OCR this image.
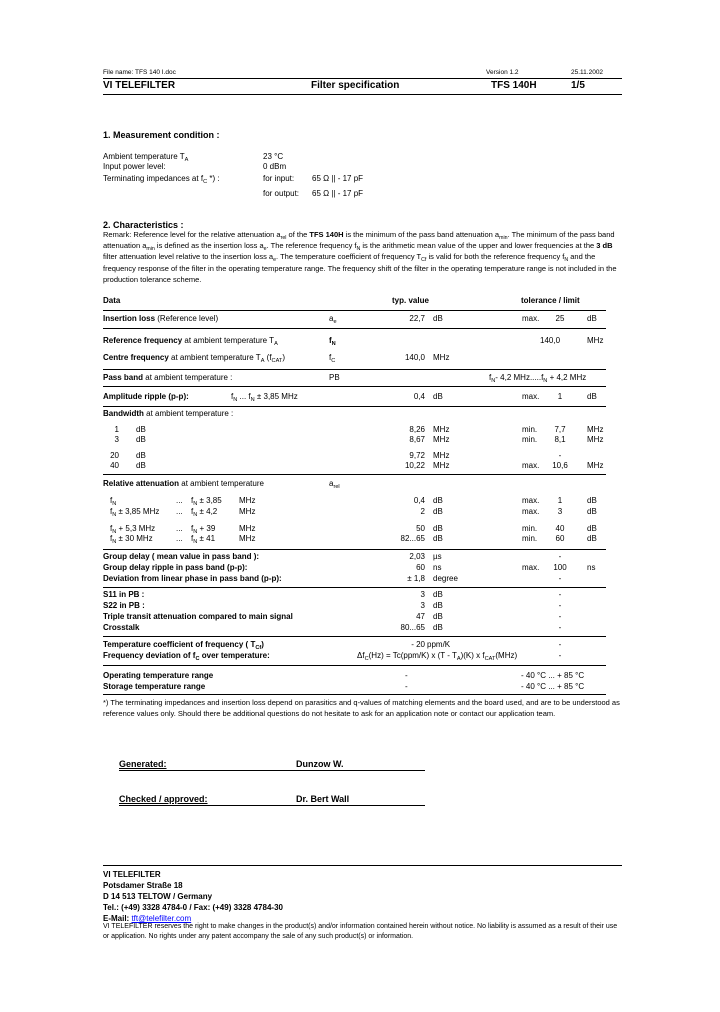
File name: TFS 140 I.doc	Version 1.2	25.11.2002
VI TELEFILTER	Filter specification	TFS 140H	1/5
1. Measurement condition :
Ambient temperature $T_A$	23 °C
Input power level:	0 dBm
Terminating impedances at $f_C$ *) :	for input: 65 Ω || - 17 pF
for output: 65 Ω || - 17 pF
2. Characteristics :
Remark: Reference level for the relative attenuation $a_{rel}$ of the TFS 140H is the minimum of the pass band attenuation $a_{min}$. The minimum of the pass band attenuation $a_{min}$ is defined as the insertion loss $a_e$. The reference frequency $f_N$ is the arithmetic mean value of the upper and lower frequencies at the 3 dB filter attenuation level relative to the insertion loss $a_e$. The temperature coefficient of frequency $T_{Cf}$ is valid for both the reference frequency $f_N$ and the frequency response of the filter in the operating temperature range. The frequency shift of the filter in the operating temperature range is not included in the production tolerance scheme.
Data	typ. value	tolerance / limit
Insertion loss (Reference level)	$a_e$	22,7 dB	max.	25	dB
Reference frequency at ambient temperature $T_A$	$f_N$	140,0	MHz
Centre frequency at ambient temperature $T_A$ $(f_{CAT})$	$f_C$	140,0 MHz
Pass band at ambient temperature :	PB	$f_N-$ 4,2 $MHz.....f_N + 4,2$ MHz
Amplitude ripple (p-p):	$f_N$ ... $f_N \pm 3,85$ MHz	0,4 dB	max.	1	dB
Bandwidth at ambient temperature :
1 dB	8,26 MHz	min.	7,7	MHz
3 dB	8,67 MHz	min.	8,1	MHz
20 dB	9,72 MHz	-
40 dB	10,22 MHz	max.	10,6	MHz
Relative attenuation at ambient temperature	$a_{rel}$
$f_N$	... $f_N \pm 3,85$ MHz	0,4 dB	max.	1	dB
$f_N \pm 3,85$ MHz ... $f_N \pm 4,2$	MHz	2 dB	max.	3	dB
$f_N + 5,3$ MHz	... $f_N + 39$	MHz	50 dB	min.	40	dB
$f_N \pm 30$ MHz	... $f_N \pm 41$	MHz	82...65 dB	min.	60	dB
Group delay ( mean value in pass band ):	2,03 µs	-
Group delay ripple in pass band (p-p):	60 ns	max.	100	ns
Deviation from linear phase in pass band (p-p):	± 1,8 degree	-
S11 in PB :	3 dB	-
S22 in PB :	3 dB	-
Triple transit attenuation compared to main signal	47 dB	-
Crosstalk	80...65 dB	-
Temperature coefficient of frequency ( $T_{Cf}$)	- 20 ppm/K	-
Frequency deviation of $f_C$ over temperature:	$\Delta f_C(Hz) = Tc(ppm/K)$ x $(T - T_A)(K)$ x $f_{CAT}(MHz)$	-
Operating temperature range	-	- 40 °C ... + 85 °C
Storage temperature range	-	- 40 °C ... + 85 °C
*) The terminating impedances and insertion loss depend on parasitics and q-values of matching elements and the board used, and are to be understood as reference values only. Should there be additional questions do not hesitate to ask for an application note or contact our application team.
Generated:	Dunzow W.
Checked / approved:	Dr. Bert Wall
VI TELEFILTER
Potsdamer Straße 18
D 14 513 TELTOW / Germany
Tel.: (+49) 3328 4784-0 / Fax: (+49) 3328 4784-30
E-Mail: tft@telefilter.com
VI TELEFILTER reserves the right to make changes in the product(s) and/or information contained herein without notice. No liability is assumed as a result of their use or application. No rights under any patent accompany the sale of any such product(s) or information.
